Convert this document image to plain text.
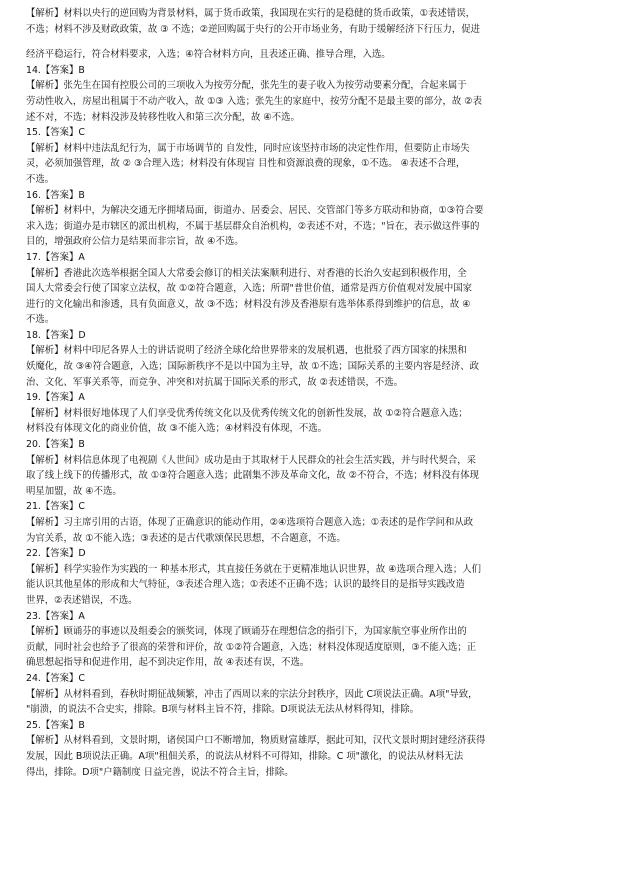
【解析】材料以央行的逆回购为背景材料，属于货币政策，我国现在实行的是稳健的货币政策，①表述错误，
不选；材料不涉及财政政策，故 ③ 不选；②逆回购属于央行的公开市场业务，有助于缓解经济下行压力，促进
经济平稳运行，符合材料要求，入选；④符合材料方向，且表述正确、推导合理，入选。
14.【答案】B
【解析】张先生在国有控股公司的三项收入为按劳分配，张先生的妻子收入为按劳动要素分配，合起来属于
劳动性收入，房屋出租属于不动产收入，故 ①③ 入选；张先生的家庭中，按劳分配不是最主要的部分，故 ②表
述不对，不选；材料没涉及转移性收入和第三次分配，故 ④不选。
15.【答案】C
【解析】材料中违法乱纪行为，属于市场调节的 自发性，同时应该坚持市场的决定性作用，但要防止市场失
灵，必须加强管理，故 ② ③合理入选；材料没有体现盲 目性和资源浪费的现象，①不选。 ④表述不合理，
不选。
16.【答案】B
【解析】材料中，为解决交通无序拥堵局面，街道办、居委会、居民、交管部门等多方联动和协商，①③符合要
求入选；街道办是市辖区的派出机构，不属于基层群众自治机构，②表述不对，不选；"旨在，表示做这件事的
目的，增强政府公信力是结果而非宗旨，故 ④不选。
17.【答案】A
【解析】香港此次选举根据全国人大常委会修订的相关法案顺利进行、对香港的长治久安起到积极作用，全
国人大常委会行使了国家立法权，故 ①②符合题意，入选；所谓"普世价值，通常是西方价值观对发展中国家
进行的文化输出和渗透，具有负面意义，故 ③不选；材料没有涉及香港原有选举体系得到维护的信息，故 ④
不选。
18.【答案】D
【解析】材料中印尼各界人士的讲话说明了经济全球化给世界带来的发展机遇，也批驳了西方国家的抹黑和
妖魔化，故 ③④符合题意，入选；国际新秩序不是以中国为主导，故 ①不选；国际关系的主要内容是经济、政
治、文化、军事关系等，而竞争、冲突和对抗属于国际关系的形式，故 ②表述错误，不选。
19.【答案】A
【解析】材料很好地体现了人们享受优秀传统文化以及优秀传统文化的创新性发展，故 ①②符合题意入选；
材料没有体现文化的商业价值，故 ③不能入选；④材料没有体现，不选。
20.【答案】B
【解析】材料信息体现了电视剧《人世间》成功是由于其取材于人民群众的社会生活实践，并与时代契合，采
取了线上线下的传播形式，故 ①③符合题意入选；此剧集不涉及革命文化，故 ②不符合，不选；材料没有体现
明星加盟，故 ④不选。
21.【答案】C
【解析】习主席引用的古语，体现了正确意识的能动作用，②④选项符合题意入选；①表述的是作学问和从政
为官关系，故 ①不能入选；③表述的是古代歌颂保民思想，不合题意，不选。
22.【答案】D
【解析】科学实验作为实践的一 种基本形式，其直接任务就在于更精准地认识世界，故 ④选项合理入选；人们
能认识其他星体的形成和大气特征，③表述合理入选；①表述不正确不选；认识的最终目的是指导实践改造
世界，②表述错误，不选。
23.【答案】A
【解析】顾诵芬的事迹以及组委会的颁奖词，体现了顾诵芬在理想信念的指引下，为国家航空事业所作出的
贡献，同时社会也给予了很高的荣誉和评价，故 ①②符合题意，入选；材料没体现适度原则，③不能入选；正
确思想起指导和促进作用，起不到决定作用，故 ④表述有误，不选。
24.【答案】C
【解析】从材料看到，春秋时期征战频繁，冲击了西周以来的宗法分封秩序，因此 C项说法正确。A项"导致，
"崩溃，的说法不合史实，排除。B项与材料主旨不符，排除。D项说法无法从材料得知，排除。
25.【答案】B
【解析】从材料看到，文景时期，诸侯国户口不断增加，物质财富雄厚，据此可知，汉代文景时期封建经济获得
发展，因此 B项说法正确。A项"租佃关系，的说法从材料不可得知，排除。C 项"激化，的说法从材料无法
得出，排除。D项"户籍制度 日益完善，说法不符合主旨，排除。
